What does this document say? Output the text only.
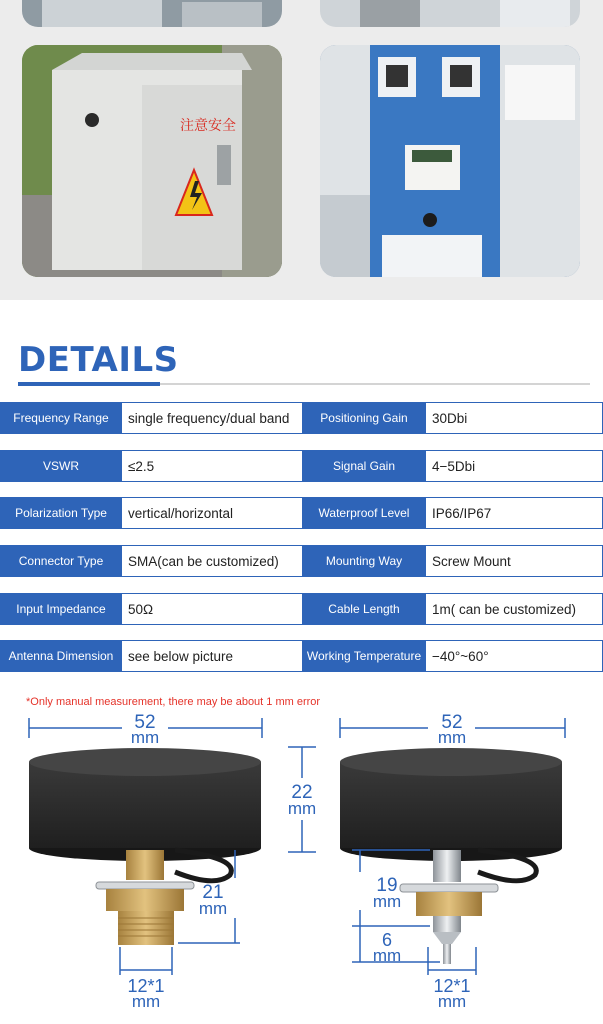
注意安全
DETAILS
Frequency Range	single frequency/dual band	Positioning Gain	30Dbi
VSWR	≤2.5	Signal Gain	4−5Dbi
Polarization Type	vertical/horizontal	Waterproof Level	IP66/IP67
Connector Type	SMA(can be customized)	Mounting Way	Screw Mount
Input Impedance	50Ω	Cable Length	1m( can be customized)
Antenna Dimension	see below picture	Working Temperature −40°~60°

*Only manual measurement, there may be about 1 mm error

52
mm
21
mm
12*1
mm
22
mm
52
mm
19
mm
6
mm
12*1
mm
